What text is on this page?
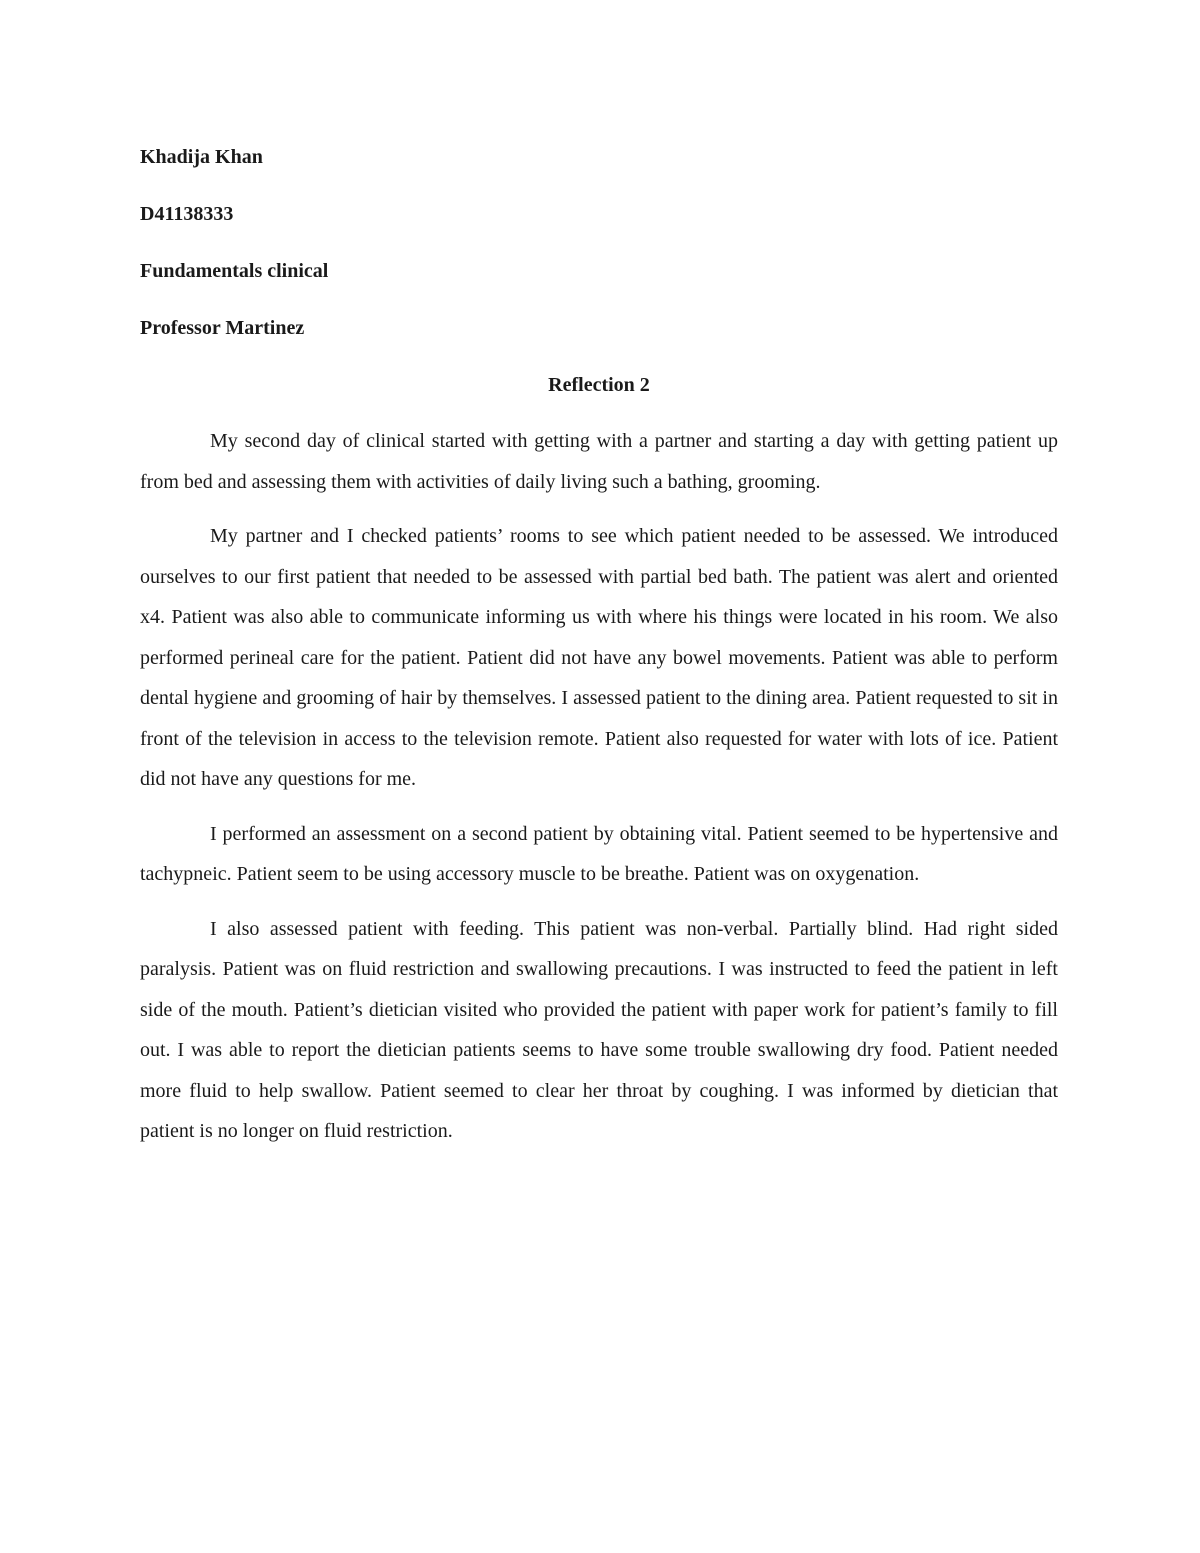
Khadija Khan
D41138333
Fundamentals clinical
Professor Martinez
Reflection 2

My second day of clinical started with getting with a partner and starting a day with getting patient up from bed and assessing them with activities of daily living such a bathing, grooming.

My partner and I checked patients’ rooms to see which patient needed to be assessed. We introduced ourselves to our first patient that needed to be assessed with partial bed bath. The patient was alert and oriented x4. Patient was also able to communicate informing us with where his things were located in his room. We also performed perineal care for the patient. Patient did not have any bowel movements. Patient was able to perform dental hygiene and grooming of hair by themselves. I assessed patient to the dining area. Patient requested to sit in front of the television in access to the television remote. Patient also requested for water with lots of ice. Patient did not have any questions for me.

I performed an assessment on a second patient by obtaining vital. Patient seemed to be hypertensive and tachypneic. Patient seem to be using accessory muscle to be breathe. Patient was on oxygenation.

I also assessed patient with feeding. This patient was non-verbal. Partially blind. Had right sided paralysis. Patient was on fluid restriction and swallowing precautions. I was instructed to feed the patient in left side of the mouth. Patient’s dietician visited who provided the patient with paper work for patient’s family to fill out. I was able to report the dietician patients seems to have some trouble swallowing dry food. Patient needed more fluid to help swallow. Patient seemed to clear her throat by coughing. I was informed by dietician that patient is no longer on fluid restriction.
